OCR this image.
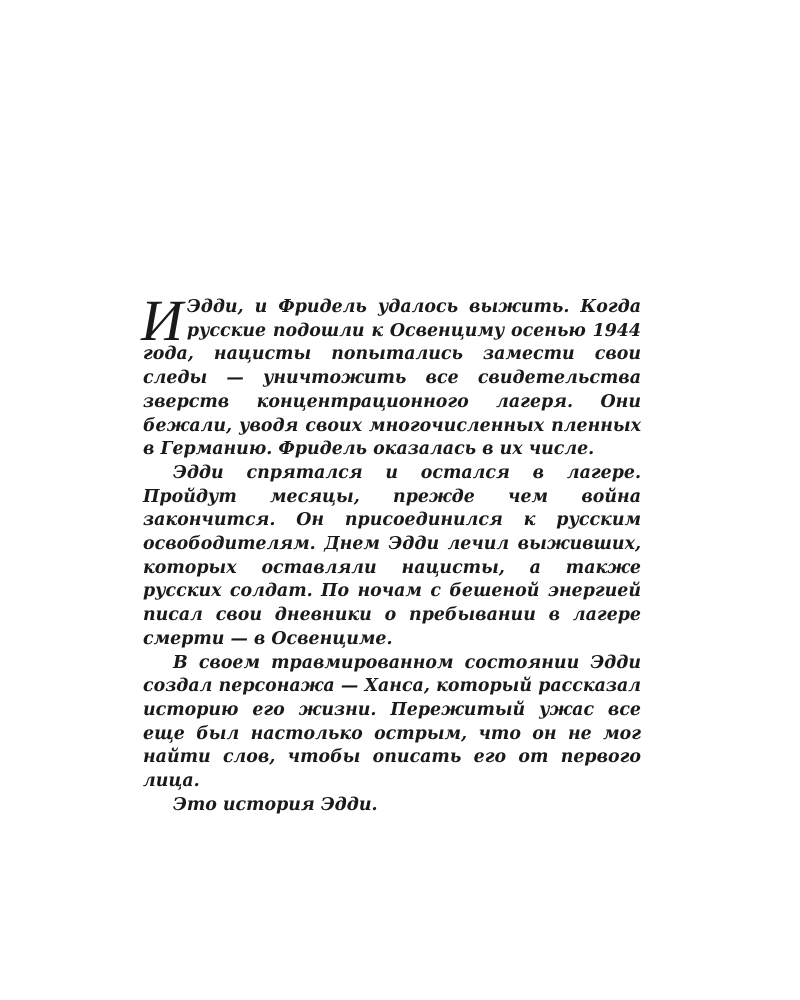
И Эдди, и Фридель удалось выжить. Когда русские подошли к Освенциму осенью 1944 года, нацисты попытались замести свои следы — уничтожить все свидетельства зверств концентрационного лагеря. Они бежали, уводя своих многочисленных пленных в Германию. Фридель оказалась в их числе.

Эдди спрятался и остался в лагере. Пройдут месяцы, прежде чем война закончится. Он присоединился к русским освободителям. Днем Эдди лечил выживших, которых оставляли нацисты, а также русских солдат. По ночам с бешеной энергией писал свои дневники о пребывании в лагере смерти — в Освенциме.

В своем травмированном состоянии Эдди создал персонажа — Ханса, который рассказал историю его жизни. Пережитый ужас все еще был настолько острым, что он не мог найти слов, чтобы описать его от первого лица.

Это история Эдди.
